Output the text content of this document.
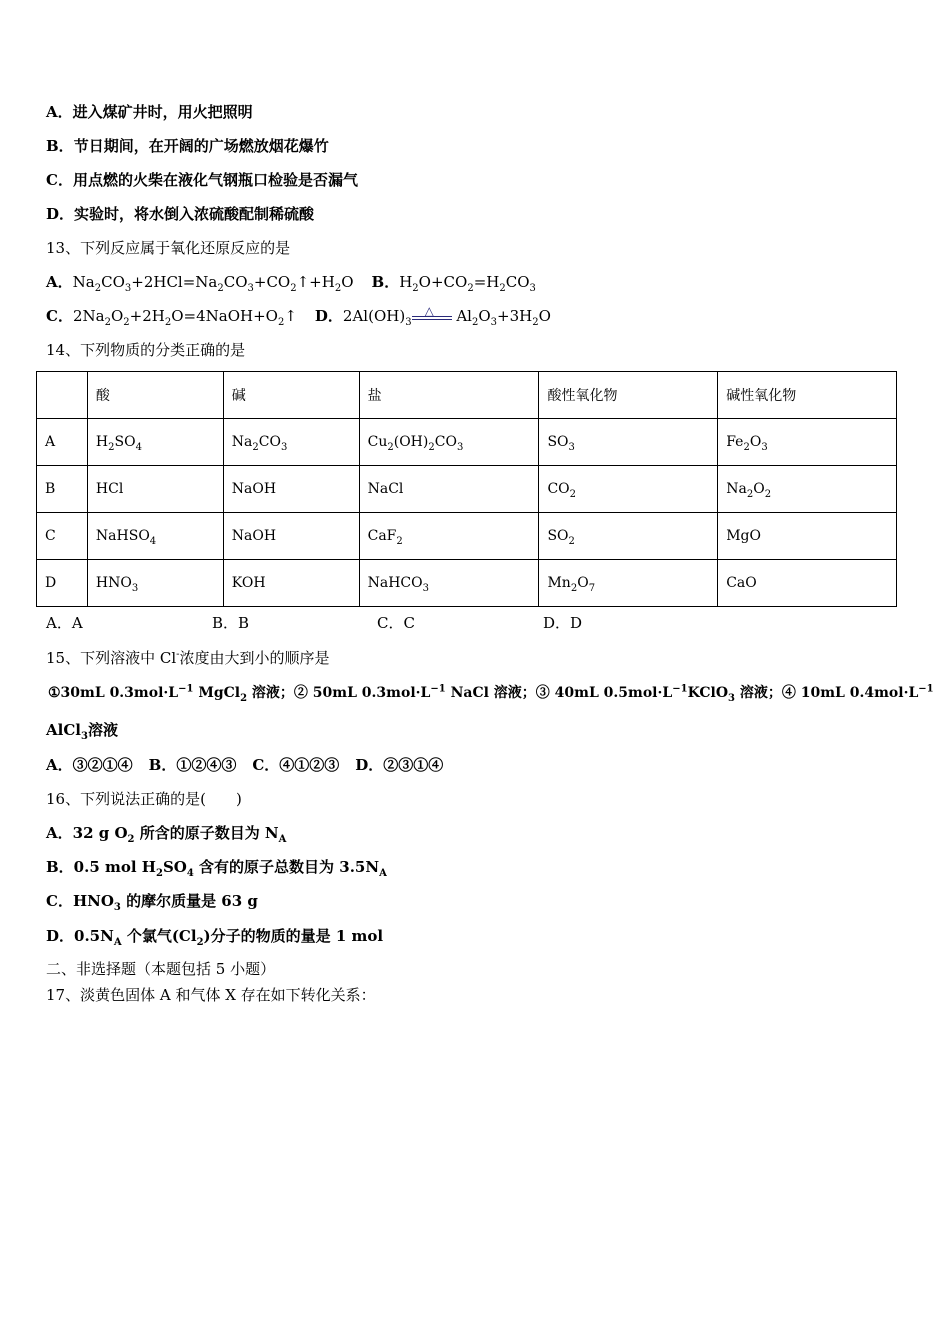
A．进入煤矿井时，用火把照明
B．节日期间，在开阔的广场燃放烟花爆竹
C．用点燃的火柴在液化气钢瓶口检验是否漏气
D．实验时，将水倒入浓硫酸配制稀硫酸
13、下列反应属于氧化还原反应的是
A．$Na_2CO_3+2HCl=Na_2CO_3+CO_2↑+H_2O$ B．$H_2O+CO_2=H_2CO_3$
C．$2Na_2O_2+2H_2O=4NaOH+O_2↑$ D．$2Al(OH)_3$
△ $Al_2O_3+3H_2O$
14、下列物质的分类正确的是
	酸	碱	盐	酸性氧化物	碱性氧化物
A	$H_2SO_4$	$Na_2CO_3$	$Cu_2(OH)_2CO_3$	$SO_3$	$Fe_2O_3$
B	HCl	NaOH	NaCl	$CO_2$	$Na_2O_2$
C	NaHSO$_4$	NaOH	CaF$_2$	$SO_2$	MgO
D	$HNO_3$	KOH	NaHCO$_3$	$Mn_2O_7$	CaO
A．A	B．B	C．C	D．D
15、下列溶液中 Cl-浓度由大到小的顺序是
①30mL $0.3mol\cdot L^{-1}$ MgCl$_2$ 溶液；② 50mL $0.3mol\cdot L^{-1}$ NaCl 溶液；③ 40mL $0.5mol\cdot L^{-1}KClO_3$ 溶液；④ 10mL $0.4mol\cdot L^{-1}$
AlCl$_3$溶液
A．③②①④ B．①②④③ C．④①②③ D．②③①④
16、下列说法正确的是(　　)
A．32 g $O_2$ 所含的原子数目为 $N_A$
B．0.5 mol $H_2SO_4$ 含有的原子总数目为 $3.5N_A$
C．$HNO_3$ 的摩尔质量是 63 g
D．$0.5N_A$ 个氯气$(Cl_2)$分子的物质的量是 1 mol
二、非选择题（本题包括 5 小题）
17、淡黄色固体 A 和气体 X 存在如下转化关系：
